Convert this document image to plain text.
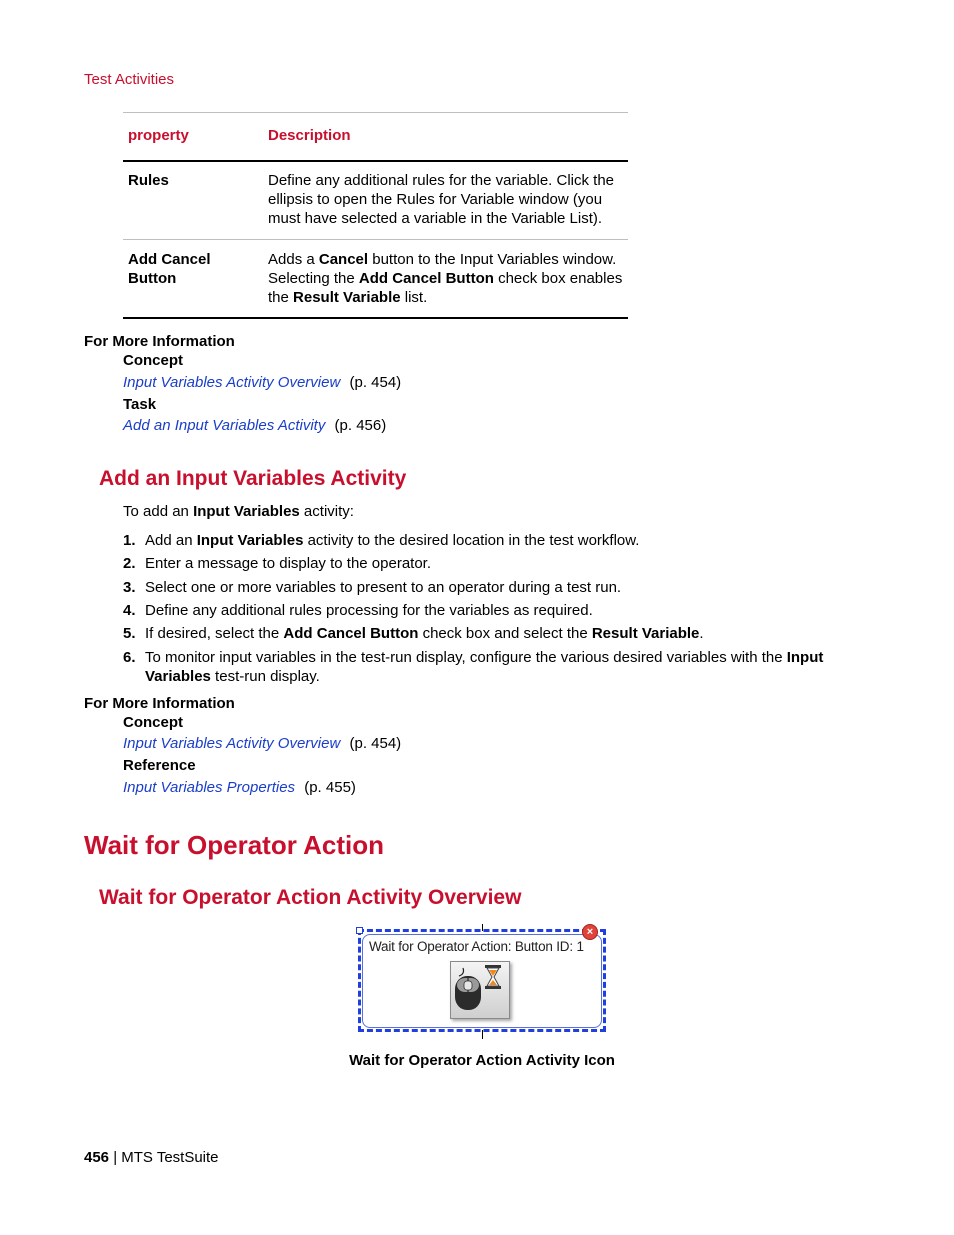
Test Activities
property	Description
Rules	Define any additional rules for the variable. Click the
ellipsis to open the Rules for Variable window (you
must have selected a variable in the Variable List).
Add Cancel
Button
Adds a Cancel button to the Input Variables window.
Selecting the Add Cancel Button check box enables
the Result Variable list.
For More Information
Concept
Input Variables Activity Overview (p. 454)
Task
Add an Input Variables Activity (p. 456)
Add an Input Variables Activity
To add an Input Variables activity:
1. Add an Input Variables activity to the desired location in the test workflow.
2. Enter a message to display to the operator.
3. Select one or more variables to present to an operator during a test run.
4. Define any additional rules processing for the variables as required.
5. If desired, select the Add Cancel Button check box and select the Result Variable.
6. To monitor input variables in the test-run display, configure the various desired variables with the Input
Variables test-run display.
For More Information
Concept
Input Variables Activity Overview (p. 454)
Reference
Input Variables Properties (p. 455)
Wait for Operator Action
Wait for Operator Action Activity Overview
Wait for Operator Action: Button ID: 1
×
Wait for Operator Action Activity Icon
456 | MTS TestSuite
